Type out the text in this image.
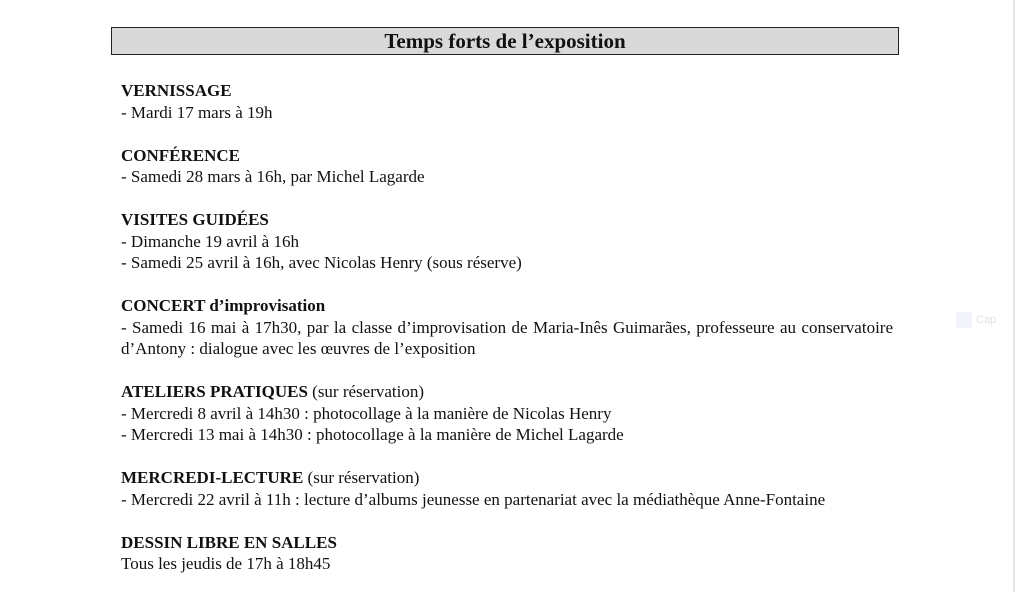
Temps forts de l’exposition
VERNISSAGE
- Mardi 17 mars à 19h
CONFÉRENCE
- Samedi 28 mars à 16h, par Michel Lagarde
VISITES GUIDÉES
- Dimanche 19 avril à 16h
- Samedi 25 avril à 16h, avec Nicolas Henry (sous réserve)
CONCERT d’improvisation
- Samedi 16 mai à 17h30, par la classe d’improvisation de Maria-Inês Guimarães, professeure au conservatoire d’Antony : dialogue avec les œuvres de l’exposition
ATELIERS PRATIQUES (sur réservation)
- Mercredi 8 avril à 14h30 : photocollage à la manière de Nicolas Henry
- Mercredi 13 mai à 14h30 : photocollage à la manière de Michel Lagarde
MERCREDI-LECTURE (sur réservation)
- Mercredi 22 avril à 11h : lecture d’albums jeunesse en partenariat avec la médiathèque Anne-Fontaine
DESSIN LIBRE EN SALLES
Tous les jeudis de 17h à 18h45
Cap
